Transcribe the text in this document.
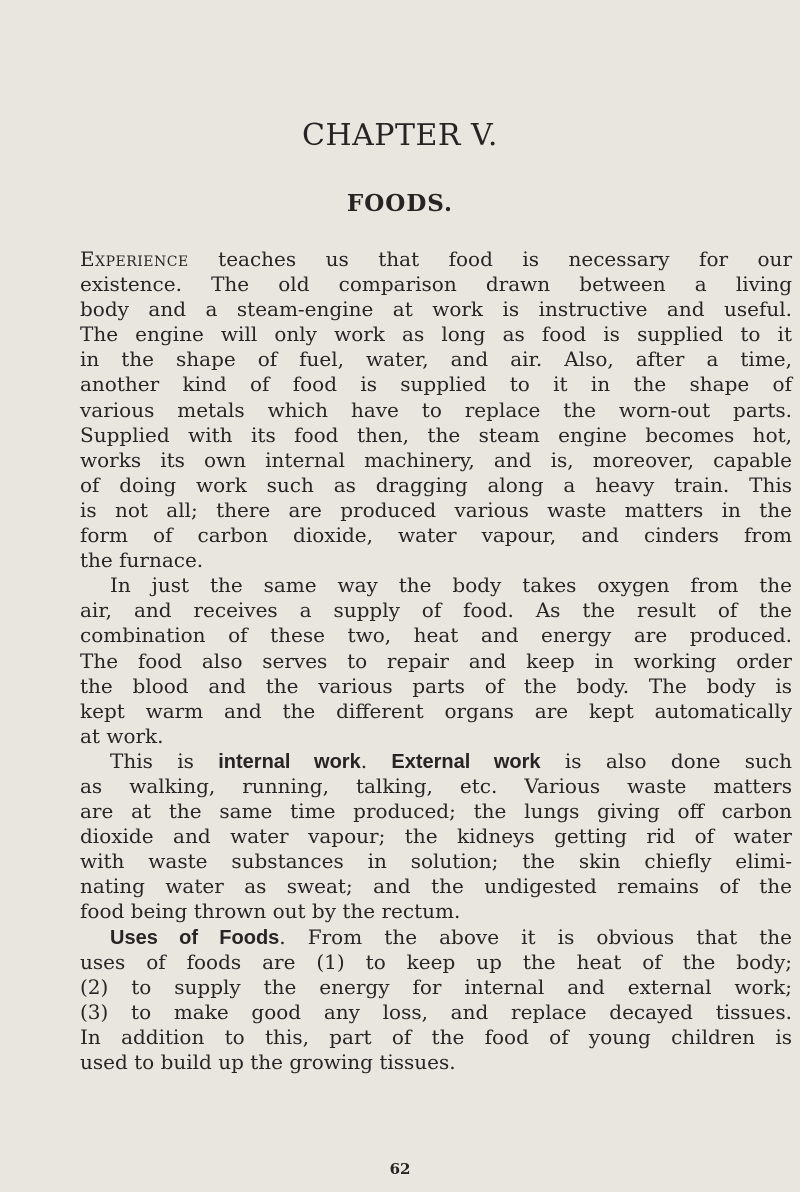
CHAPTER V.
FOODS.
Experience teaches us that food is necessary for our
existence. The old comparison drawn between a living
body and a steam-engine at work is instructive and useful.
The engine will only work as long as food is supplied to it
in the shape of fuel, water, and air. Also, after a time,
another kind of food is supplied to it in the shape of
various metals which have to replace the worn-out parts.
Supplied with its food then, the steam engine becomes hot,
works its own internal machinery, and is, moreover, capable
of doing work such as dragging along a heavy train. This
is not all; there are produced various waste matters in the
form of carbon dioxide, water vapour, and cinders from
the furnace.
In just the same way the body takes oxygen from the
air, and receives a supply of food. As the result of the
combination of these two, heat and energy are produced.
The food also serves to repair and keep in working order
the blood and the various parts of the body. The body is
kept warm and the different organs are kept automatically
at work.
This is internal work. External work is also done such
as walking, running, talking, etc. Various waste matters
are at the same time produced; the lungs giving off carbon
dioxide and water vapour; the kidneys getting rid of water
with waste substances in solution; the skin chiefly elimi-
nating water as sweat; and the undigested remains of the
food being thrown out by the rectum.
Uses of Foods. From the above it is obvious that the
uses of foods are (1) to keep up the heat of the body;
(2) to supply the energy for internal and external work;
(3) to make good any loss, and replace decayed tissues.
In addition to this, part of the food of young children is
used to build up the growing tissues.
62
